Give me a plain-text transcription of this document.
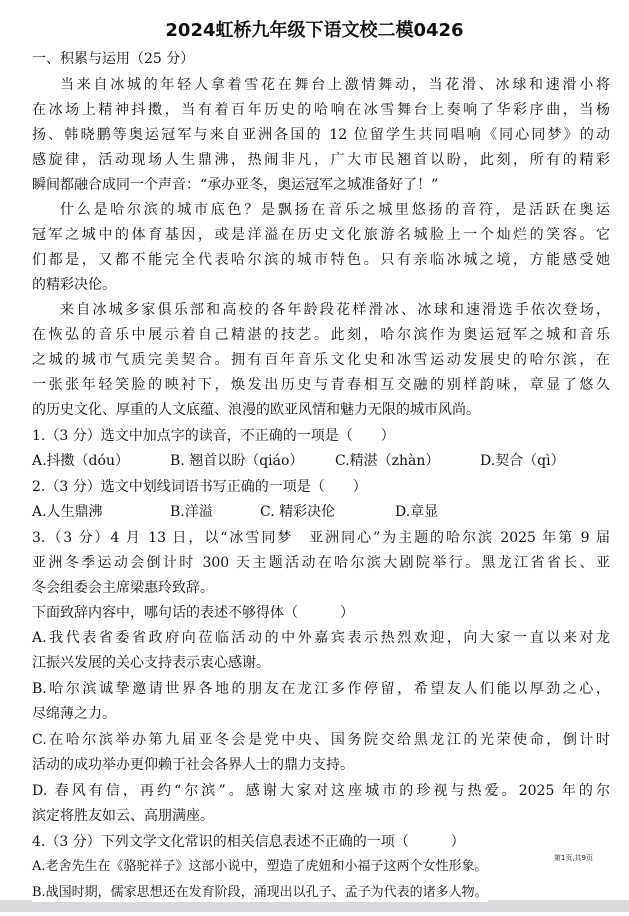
2024虹桥九年级下语文校二模0426
一、积累与运用（25 分）
当来自冰城的年轻人拿着雪花在舞台上激情舞动，当花滑、冰球和速滑小将
在冰场上精神抖擞，当有着百年历史的哈响在冰雪舞台上奏响了华彩序曲，当杨
扬、韩晓鹏等奥运冠军与来自亚洲各国的 12 位留学生共同唱响《同心同梦》的动
感旋律，活动现场人生鼎沸，热闹非凡，广大市民翘首以盼，此刻，所有的精彩
瞬间都融合成同一个声音：“承办亚冬，奥运冠军之城准备好了！”
什么是哈尔滨的城市底色？是飘扬在音乐之城里悠扬的音符，是活跃在奥运
冠军之城中的体育基因，或是洋溢在历史文化旅游名城脸上一个灿烂的笑容。它
们都是，又都不能完全代表哈尔滨的城市特色。只有亲临冰城之境，方能感受她
的精彩决伦。
来自冰城多家俱乐部和高校的各年龄段花样滑冰、冰球和速滑选手依次登场，
在恢弘的音乐中展示着自己精湛的技艺。此刻，哈尔滨作为奥运冠军之城和音乐
之城的城市气质完美契合。拥有百年音乐文化史和冰雪运动发展史的哈尔滨，在
一张张年轻笑脸的映衬下，焕发出历史与青春相互交融的别样韵味，章显了悠久
的历史文化、厚重的人文底蕴、浪漫的欧亚风情和魅力无限的城市风尚。
1.（3 分）选文中加点字的读音，不正确的一项是（　　）
A.抖擞（dóu）	B. 翘首以盼（qiáo） C.精湛（zhàn）	D.契合（qì）
2.（3 分）选文中划线词语书写正确的一项是（　　）
A.人生鼎沸	B.洋溢	C. 精彩决伦	D.章显
3.（3 分）4 月 13 日，以“冰雪同梦　亚洲同心”为主题的哈尔滨 2025 年第 9 届
亚洲冬季运动会倒计时 300 天主题活动在哈尔滨大剧院举行。黑龙江省省长、亚
冬会组委会主席梁惠玲致辞。
下面致辞内容中，哪句话的表述不够得体（　　　）
A.我代表省委省政府向莅临活动的中外嘉宾表示热烈欢迎，向大家一直以来对龙
江振兴发展的关心支持表示衷心感谢。
B.哈尔滨诚挚邀请世界各地的朋友在龙江多作停留，希望友人们能以厚劲之心，
尽绵薄之力。
C.在哈尔滨举办第九届亚冬会是党中央、国务院交给黑龙江的光荣使命，倒计时
活动的成功举办更仰赖于社会各界人士的鼎力支持。
D. 春风有信，再约“尔滨”。感谢大家对这座城市的珍视与热爱。2025 年的尔
滨定将胜友如云、高朋满座。
4.（3 分）下列文学文化常识的相关信息表述不正确的一项（　　　）
A.老舍先生在《骆驼祥子》这部小说中，塑造了虎妞和小福子这两个女性形象。
第1页,共9页
B.战国时期，儒家思想还在发育阶段，涌现出以孔子、孟子为代表的诸多人物。
